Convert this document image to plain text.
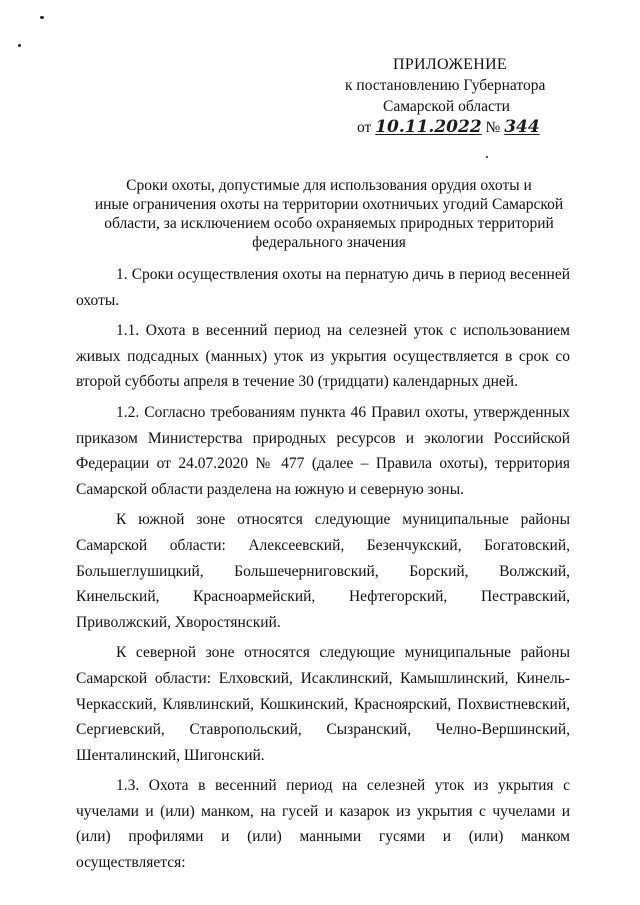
ПРИЛОЖЕНИЕ
к постановлению Губернатора
Самарской области
от 10.11.2022 № 344
Сроки охоты, допустимые для использования орудия охоты и
иные ограничения охоты на территории охотничьих угодий Самарской
области, за исключением особо охраняемых природных территорий
федерального значения

1. Сроки осуществления охоты на пернатую дичь в период весенней охоты.

1.1. Охота в весенний период на селезней уток с использованием живых подсадных (манных) уток из укрытия осуществляется в срок со второй субботы апреля в течение 30 (тридцати) календарных дней.

1.2. Согласно требованиям пункта 46 Правил охоты, утвержденных приказом Министерства природных ресурсов и экологии Российской Федерации от 24.07.2020 № 477 (далее – Правила охоты), территория Самарской области разделена на южную и северную зоны.

К южной зоне относятся следующие муниципальные районы Самарской области: Алексеевский, Безенчукский, Богатовский, Большеглушицкий, Большечерниговский, Борский, Волжский, Кинельский, Красноармейский, Нефтегорский, Пестравский, Приволжский, Хворостянский.

К северной зоне относятся следующие муниципальные районы Самарской области: Елховский, Исаклинский, Камышлинский, Кинель-Черкасский, Клявлинский, Кошкинский, Красноярский, Похвистневский, Сергиевский, Ставропольский, Сызранский, Челно-Вершинский, Шенталинский, Шигонский.

1.3. Охота в весенний период на селезней уток из укрытия с чучелами и (или) манком, на гусей и казарок из укрытия с чучелами и (или) профилями и (или) манными гусями и (или) манком осуществляется:
